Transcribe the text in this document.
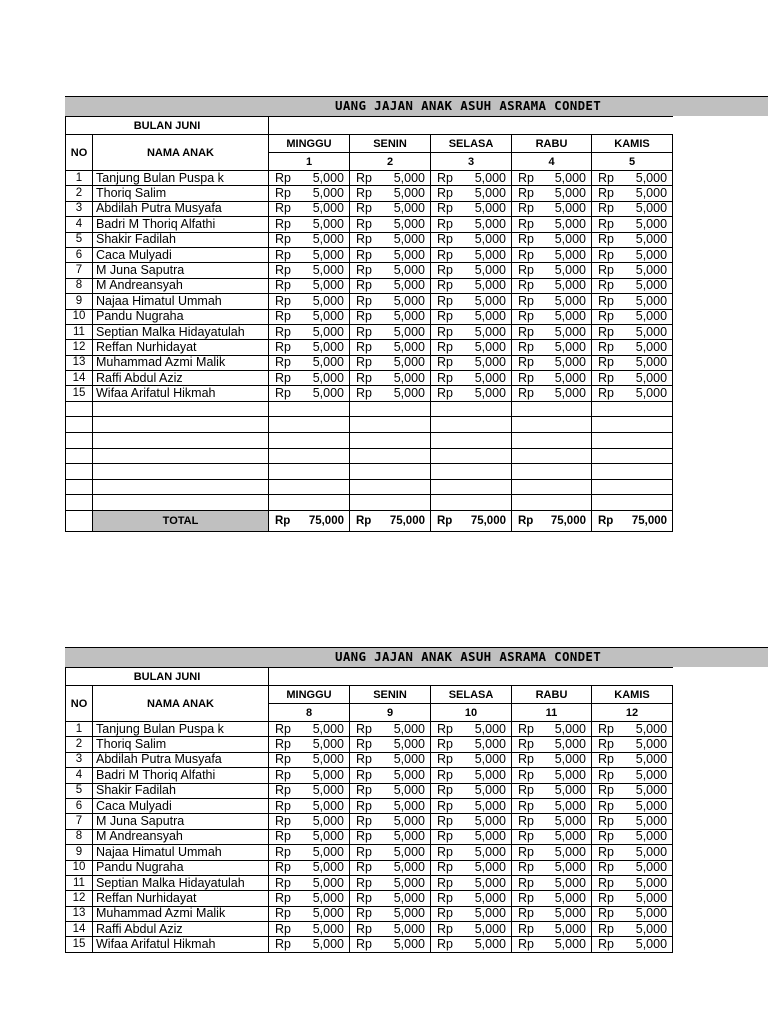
UANG JAJAN ANAK ASUH ASRAMA CONDET
BULAN JUNI						
NO	NAMA ANAK	MINGGU	SENIN	SELASA	RABU	KAMIS
		1	2	3	4	5
1	Tanjung Bulan Puspa k	Rp 5,000	Rp 5,000	Rp 5,000	Rp 5,000	Rp 5,000

2	Thoriq Salim	Rp 5,000	Rp 5,000	Rp 5,000	Rp 5,000	Rp 5,000

3	Abdilah Putra Musyafa	Rp 5,000	Rp 5,000	Rp 5,000	Rp 5,000	Rp 5,000

4	Badri M Thoriq Alfathi	Rp 5,000	Rp 5,000	Rp 5,000	Rp 5,000	Rp 5,000

5	Shakir Fadilah	Rp 5,000	Rp 5,000	Rp 5,000	Rp 5,000	Rp 5,000

6	Caca Mulyadi	Rp 5,000	Rp 5,000	Rp 5,000	Rp 5,000	Rp 5,000

7	M Juna Saputra	Rp 5,000	Rp 5,000	Rp 5,000	Rp 5,000	Rp 5,000

8	M Andreansyah	Rp 5,000	Rp 5,000	Rp 5,000	Rp 5,000	Rp 5,000

9	Najaa Himatul Ummah	Rp 5,000	Rp 5,000	Rp 5,000	Rp 5,000	Rp 5,000

10	Pandu Nugraha	Rp 5,000	Rp 5,000	Rp 5,000	Rp 5,000	Rp 5,000

11	Septian Malka Hidayatulah	Rp 5,000	Rp 5,000	Rp 5,000	Rp 5,000	Rp 5,000

12	Reffan Nurhidayat	Rp 5,000	Rp 5,000	Rp 5,000	Rp 5,000	Rp 5,000

13	Muhammad Azmi Malik	Rp 5,000	Rp 5,000	Rp 5,000	Rp 5,000	Rp 5,000

14	Raffi Abdul Aziz	Rp 5,000	Rp 5,000	Rp 5,000	Rp 5,000	Rp 5,000

15	Wifaa Arifatul Hikmah	Rp 5,000	Rp 5,000	Rp 5,000	Rp 5,000	Rp 5,000

	TOTAL	Rp 75,000	Rp 75,000	Rp 75,000	Rp 75,000	Rp 75,000
UANG JAJAN ANAK ASUH ASRAMA CONDET
BULAN JUNI						
NO	NAMA ANAK	MINGGU	SENIN	SELASA	RABU	KAMIS
		8	9	10	11	12
1	Tanjung Bulan Puspa k	Rp 5,000	Rp 5,000	Rp 5,000	Rp 5,000	Rp 5,000

2	Thoriq Salim	Rp 5,000	Rp 5,000	Rp 5,000	Rp 5,000	Rp 5,000

3	Abdilah Putra Musyafa	Rp 5,000	Rp 5,000	Rp 5,000	Rp 5,000	Rp 5,000

4	Badri M Thoriq Alfathi	Rp 5,000	Rp 5,000	Rp 5,000	Rp 5,000	Rp 5,000

5	Shakir Fadilah	Rp 5,000	Rp 5,000	Rp 5,000	Rp 5,000	Rp 5,000

6	Caca Mulyadi	Rp 5,000	Rp 5,000	Rp 5,000	Rp 5,000	Rp 5,000

7	M Juna Saputra	Rp 5,000	Rp 5,000	Rp 5,000	Rp 5,000	Rp 5,000

8	M Andreansyah	Rp 5,000	Rp 5,000	Rp 5,000	Rp 5,000	Rp 5,000

9	Najaa Himatul Ummah	Rp 5,000	Rp 5,000	Rp 5,000	Rp 5,000	Rp 5,000

10	Pandu Nugraha	Rp 5,000	Rp 5,000	Rp 5,000	Rp 5,000	Rp 5,000

11	Septian Malka Hidayatulah	Rp 5,000	Rp 5,000	Rp 5,000	Rp 5,000	Rp 5,000

12	Reffan Nurhidayat	Rp 5,000	Rp 5,000	Rp 5,000	Rp 5,000	Rp 5,000

13	Muhammad Azmi Malik	Rp 5,000	Rp 5,000	Rp 5,000	Rp 5,000	Rp 5,000

14	Raffi Abdul Aziz	Rp 5,000	Rp 5,000	Rp 5,000	Rp 5,000	Rp 5,000

15	Wifaa Arifatul Hikmah	Rp 5,000	Rp 5,000	Rp 5,000	Rp 5,000	Rp 5,000
